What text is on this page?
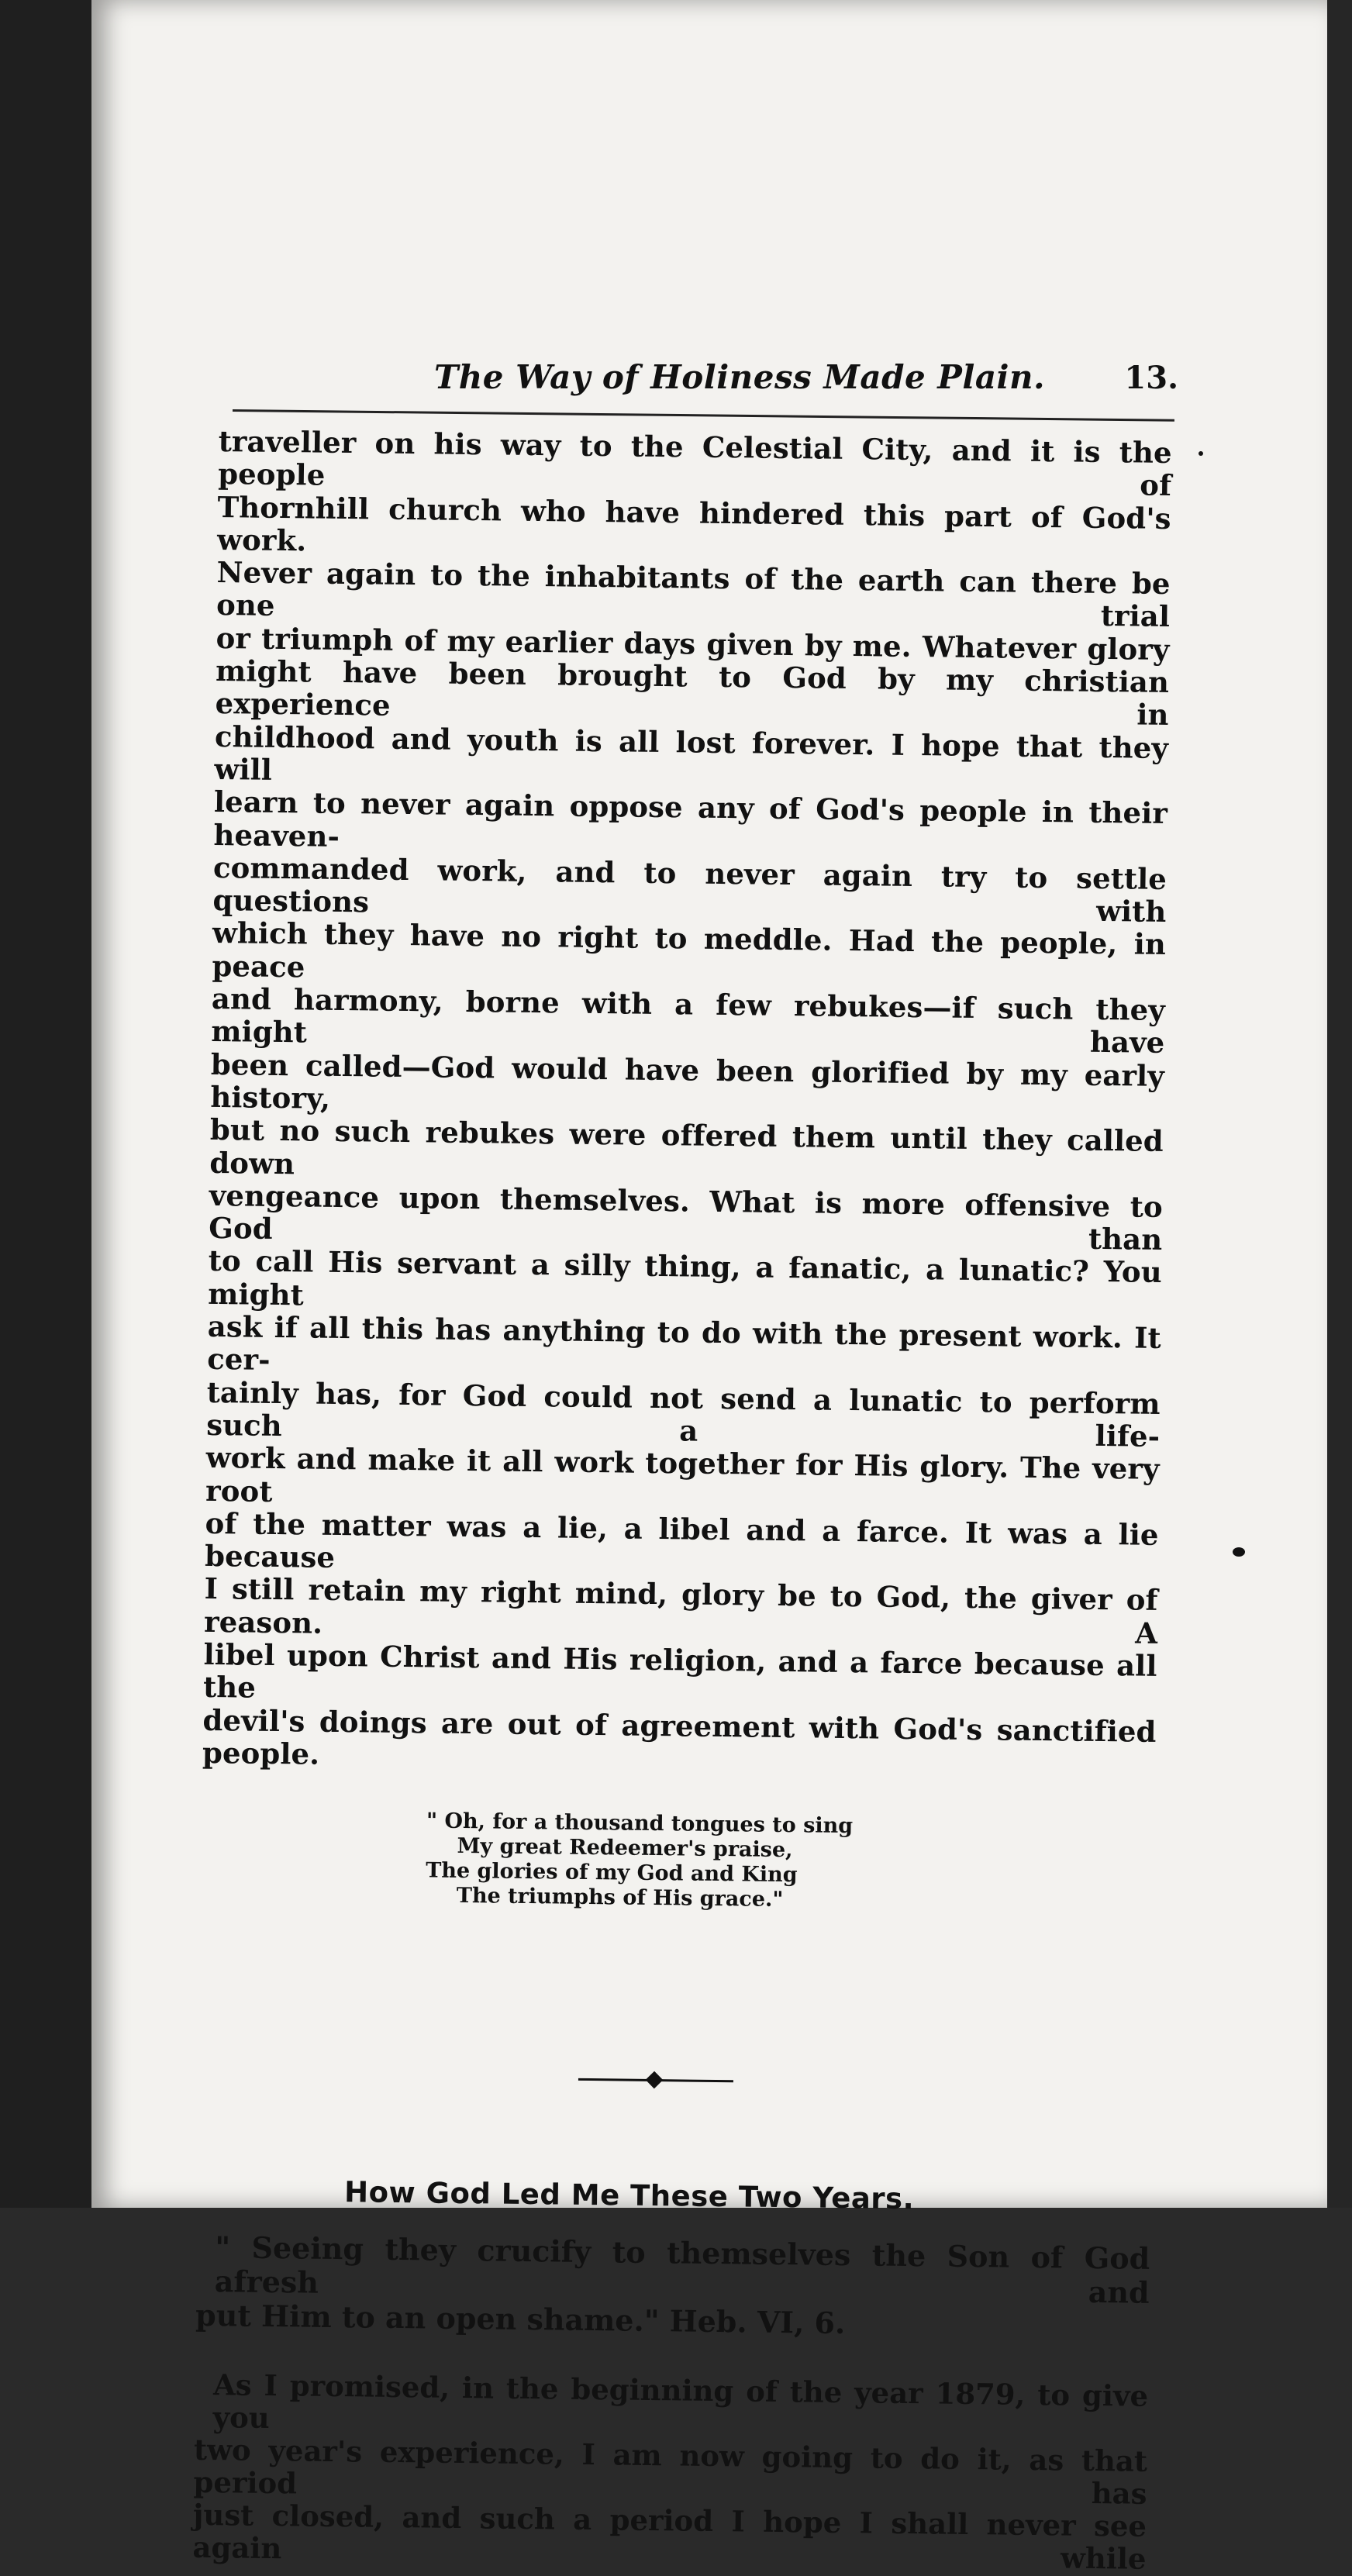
The Way of Holiness Made Plain.	13.

traveller on his way to the Celestial City, and it is the people of

Thornhill church who have hindered this part of God's work.

Never again to the inhabitants of the earth can there be one trial

or triumph of my earlier days given by me. Whatever glory

might have been brought to God by my christian experience in

childhood and youth is all lost forever. I hope that they will

learn to never again oppose any of God's people in their heaven-

commanded work, and to never again try to settle questions with

which they have no right to meddle. Had the people, in peace

and harmony, borne with a few rebukes—if such they might have

been called—God would have been glorified by my early history,

but no such rebukes were offered them until they called down

vengeance upon themselves. What is more offensive to God than

to call His servant a silly thing, a fanatic, a lunatic? You might

ask if all this has anything to do with the present work. It cer-

tainly has, for God could not send a lunatic to perform such a life-

work and make it all work together for His glory. The very root

of the matter was a lie, a libel and a farce. It was a lie because

I still retain my right mind, glory be to God, the giver of reason. A

libel upon Christ and His religion, and a farce because all the

devil's doings are out of agreement with God's sanctified people.

" Oh, for a thousand tongues to sing
My great Redeemer's praise,
The glories of my God and King
The triumphs of His grace."
How God Led Me These Two Years.

" Seeing they crucify to themselves the Son of God afresh and

put Him to an open shame." Heb. VI, 6.

As I promised, in the beginning of the year 1879, to give you

two year's experience, I am now going to do it, as that period has

just closed, and such a period I hope I shall never see again while
